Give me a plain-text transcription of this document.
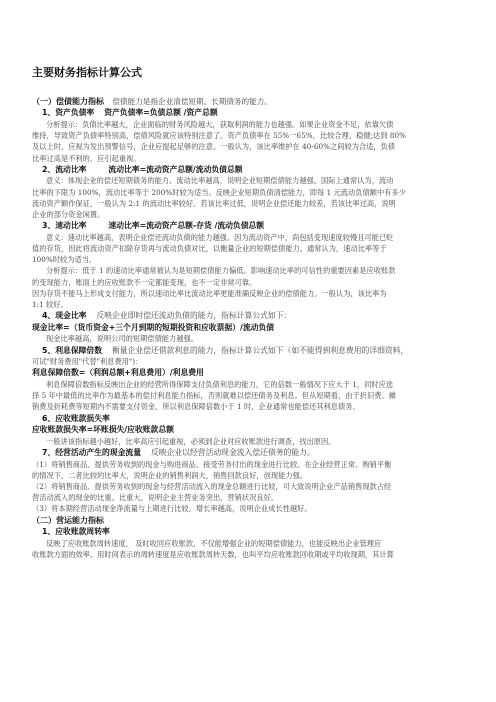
主要财务指标计算公式

（一）偿债能力指标 偿债能力是指企业清偿短期、长期债务的能力。

1、资产负债率 资产负债率=负债总额 /资产总额

分析提示：负债比率越大，企业面临的财务风险越大，获取利润的能力也越强。如果企业资金不足，依靠欠债

维持，导致资产负债率特别高，偿债风险就应该特别注意了。资产负债率在 55%一65%，比较合理、稳健;达到 80%

及以上时，应视为发出预警信号，企业应提起足够的注意。一般认为，该比率维护在 40-60%之间较为合适，负债

比率过高是不利的，应引起重视。

2、流动比率	流动比率=流动资产总额/流动负债总额

意义：体现企业的偿还短期债务的能力。流动比率越高，说明企业短期偿债能力越强。国际上通常认为，流动

比率的下限为 100%，流动比率等于 200%时较为适当。反映企业短期负债清偿能力，即每 1 元流动负债额中有多少

流动资产额作保证，一般认为 2:1 的流动比率较好。若该比率过低，说明企业偿还能力较差，若该比率过高，说明

企业的部分资金闲置。

3、速动比率	速动比率=流动资产总额-存货 /流动负债总额

意义：速动比率越高，表明企业偿还流动负债的能力越强。因为流动资产中，尚包括变现速度较慢且可能已贬

值的存货，因此将流动资产扣除存货再与流动负债对比，以衡量企业的短期偿债能力。通常认为，速动比率等于

100%时较为适当。

分析提示：低于 1 的速动比率通常被认为是短期偿债能力偏低。影响速动比率的可信性的重要因素是应收账款

的变现能力，账面上的应收账款不一定都能变现，也不一定非常可靠。

因为存货不能马上形成支付能力，所以速动比率比流动比率更能准确反映企业的偿债能力。一般认为，该比率为

1:1 较好。

4、现金比率 反映企业即时偿还流动负债的能力，指标计算公式如下：

现金比率=（货币资金+三个月到期的短期投资和应收票据）/流动负债

现金比率越高，说明公司的短期偿债能力越强。

5、利息保障倍数 衡量企业偿还借款利息的能力，指标计算公式如下（如不能得到利息费用的详细资料，

可试"财务费用"代替"利息费用")：

利息保障倍数=（利润总额+利息费用）/利息费用

利息保障倍数指标反映出企业的经营所得保障支付负债利息的能力，它的倍数一般情况下应大于 1，同时应选

择 5 年中最低的比率作为最基本的偿付利息能力指标，否则就难以偿还债务及利息。但从短期看，由于折旧费、摊

销费及折耗费等短期内不需要支付资金，所以利息保障倍数小于 1 时，企业通常也能偿还其利息债务。

6、应收账款损失率

应收账款损失率=坏账损失/应收账款总额

一般讲该指标越小越好，比率高应引起重视，必须到企业对应收账款进行调查，找出原因。

7、经营活动产生的现金流量 反映企业以经营活动现金流入偿还债务的能力。

（1）将销售商品、提供劳务收到的现金与购进商品、接受劳务付出的现金进行比较。在企业经营正常、购销平衡

的情况下，二者比较的比率大，说明企业的销售利润大，销售回款良好，创现能力强。

（2）将销售商品、提供劳务收到的现金与经营活动流入的现金总额进行比较，可大致说明企业产品销售现款占经

营活动流入的现金的比重。比重大，说明企业主营业务突出，营销状况良好。

（3）将本期经营活动现金净流量与上期进行比较，增长率越高，说明企业成长性越好。

（二）营运能力指标

1、应收账款周转率

反映了应收账款周转速度， 及时收回应收账款，不仅能增强企业的短期偿债能力，也能反映出企业管理应

收账款方面的效率。用时间表示的周转速度是应收账款周转天数，也叫平均应收账款回收期或平均收现期，其计算
